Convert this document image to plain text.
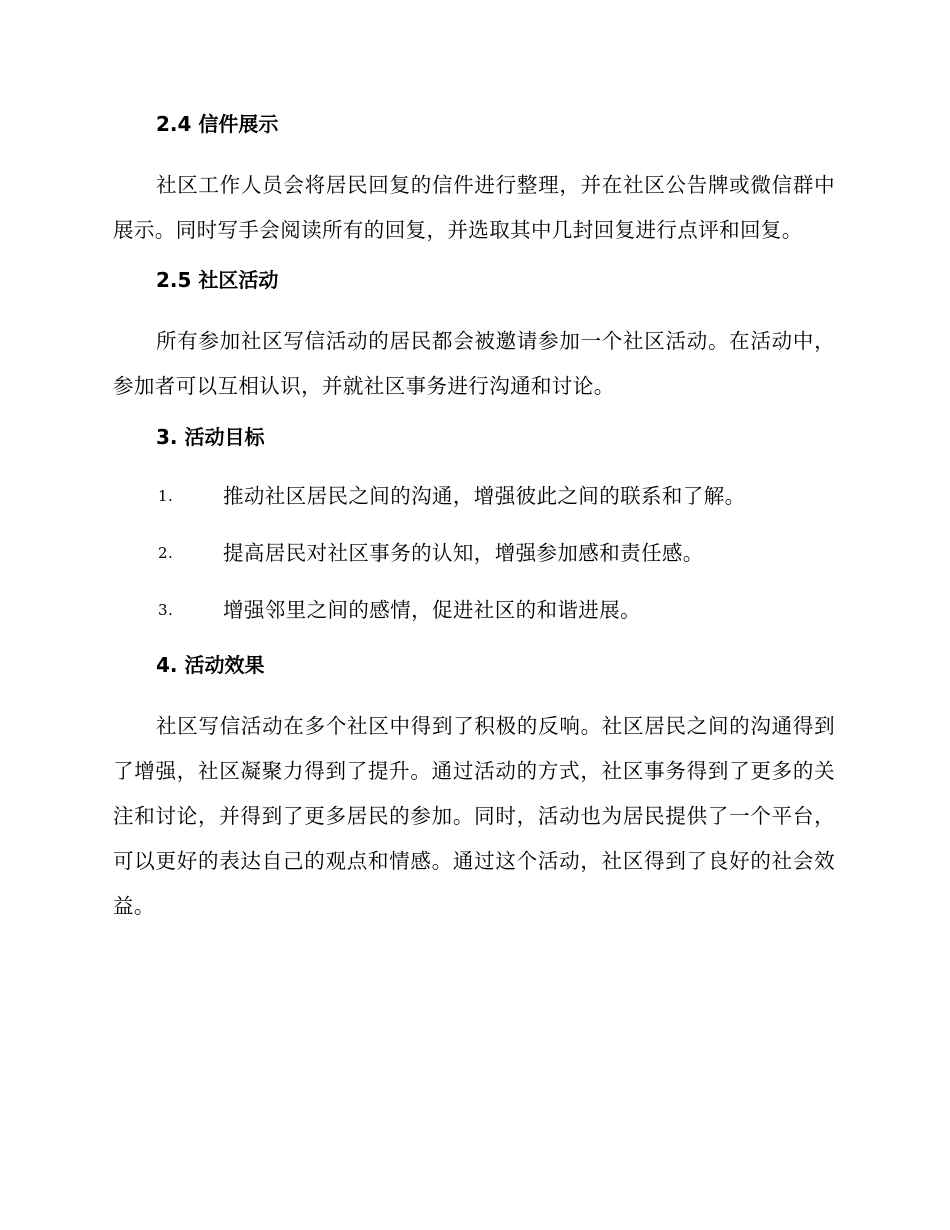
2.4 信件展示
社区工作人员会将居民回复的信件进行整理，并在社区公告牌或微信群中展示。同时写手会阅读所有的回复，并选取其中几封回复进行点评和回复。
2.5 社区活动
所有参加社区写信活动的居民都会被邀请参加一个社区活动。在活动中，参加者可以互相认识，并就社区事务进行沟通和讨论。
3. 活动目标
1. 推动社区居民之间的沟通，增强彼此之间的联系和了解。
2. 提高居民对社区事务的认知，增强参加感和责任感。
3. 增强邻里之间的感情，促进社区的和谐进展。
4. 活动效果
社区写信活动在多个社区中得到了积极的反响。社区居民之间的沟通得到了增强，社区凝聚力得到了提升。通过活动的方式，社区事务得到了更多的关注和讨论，并得到了更多居民的参加。同时，活动也为居民提供了一个平台，可以更好的表达自己的观点和情感。通过这个活动，社区得到了良好的社会效益。
